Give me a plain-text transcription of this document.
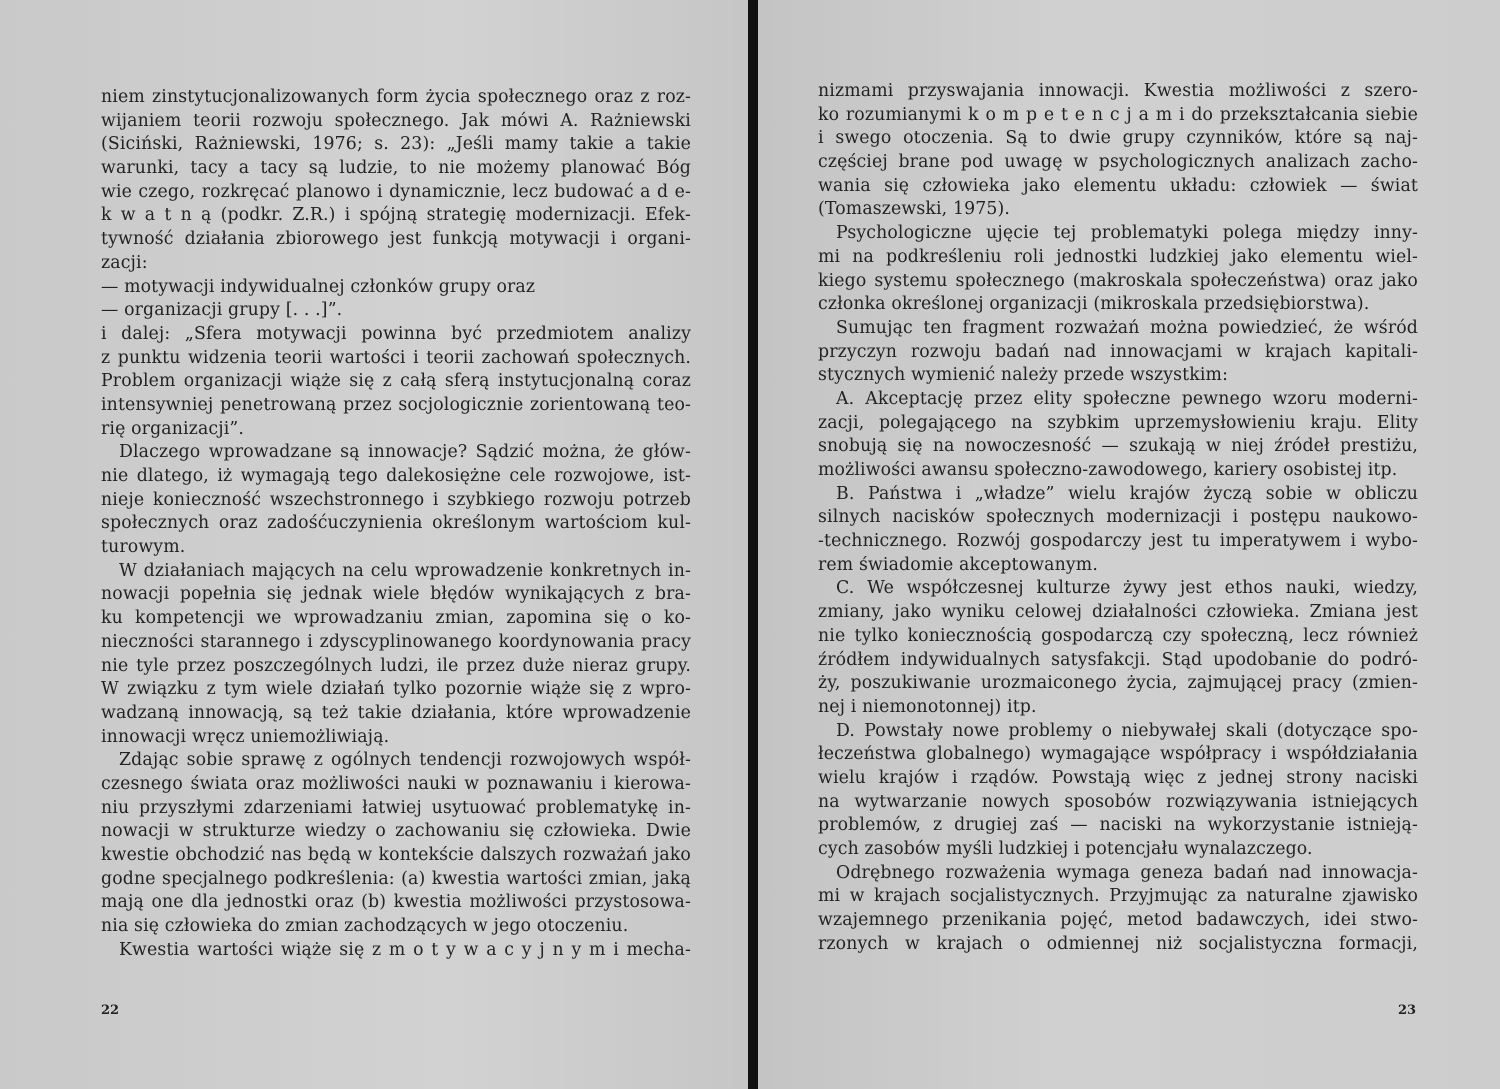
niem zinstytucjonalizowanych form życia społecznego oraz z roz-
wijaniem teorii rozwoju społecznego. Jak mówi A. Rażniewski
(Siciński, Rażniewski, 1976; s. 23): „Jeśli mamy takie a takie
warunki, tacy a tacy są ludzie, to nie możemy planować Bóg
wie czego, rozkręcać planowo i dynamicznie, lecz budować a d e-
k w a t n ą (podkr. Z.R.) i spójną strategię modernizacji. Efek-
tywność działania zbiorowego jest funkcją motywacji i organi-
zacji:
— motywacji indywidualnej członków grupy oraz
— organizacji grupy [. . .]”.
i dalej: „Sfera motywacji powinna być przedmiotem analizy
z punktu widzenia teorii wartości i teorii zachowań społecznych.
Problem organizacji wiąże się z całą sferą instytucjonalną coraz
intensywniej penetrowaną przez socjologicznie zorientowaną teo-
rię organizacji”.
Dlaczego wprowadzane są innowacje? Sądzić można, że głów-
nie dlatego, iż wymagają tego dalekosiężne cele rozwojowe, ist-
nieje konieczność wszechstronnego i szybkiego rozwoju potrzeb
społecznych oraz zadośćuczynienia określonym wartościom kul-
turowym.
W działaniach mających na celu wprowadzenie konkretnych in-
nowacji popełnia się jednak wiele błędów wynikających z bra-
ku kompetencji we wprowadzaniu zmian, zapomina się o ko-
nieczności starannego i zdyscyplinowanego koordynowania pracy
nie tyle przez poszczególnych ludzi, ile przez duże nieraz grupy.
W związku z tym wiele działań tylko pozornie wiąże się z wpro-
wadzaną innowacją, są też takie działania, które wprowadzenie
innowacji wręcz uniemożliwiają.
Zdając sobie sprawę z ogólnych tendencji rozwojowych współ-
czesnego świata oraz możliwości nauki w poznawaniu i kierowa-
niu przyszłymi zdarzeniami łatwiej usytuować problematykę in-
nowacji w strukturze wiedzy o zachowaniu się człowieka. Dwie
kwestie obchodzić nas będą w kontekście dalszych rozważań jako
godne specjalnego podkreślenia: (a) kwestia wartości zmian, jaką
mają one dla jednostki oraz (b) kwestia możliwości przystosowa-
nia się człowieka do zmian zachodzących w jego otoczeniu.
Kwestia wartości wiąże się z m o t y w a c y j n y m i mecha-
22
nizmami przyswajania innowacji. Kwestia możliwości z szero-
ko rozumianymi k o m p e t e n c j a m i do przekształcania siebie
i swego otoczenia. Są to dwie grupy czynników, które są naj-
częściej brane pod uwagę w psychologicznych analizach zacho-
wania się człowieka jako elementu układu: człowiek — świat
(Tomaszewski, 1975).
Psychologiczne ujęcie tej problematyki polega między inny-
mi na podkreśleniu roli jednostki ludzkiej jako elementu wiel-
kiego systemu społecznego (makroskala społeczeństwa) oraz jako
członka określonej organizacji (mikroskala przedsiębiorstwa).
Sumując ten fragment rozważań można powiedzieć, że wśród
przyczyn rozwoju badań nad innowacjami w krajach kapitali-
stycznych wymienić należy przede wszystkim:
A. Akceptację przez elity społeczne pewnego wzoru moderni-
zacji, polegającego na szybkim uprzemysłowieniu kraju. Elity
snobują się na nowoczesność — szukają w niej źródeł prestiżu,
możliwości awansu społeczno-zawodowego, kariery osobistej itp.
B. Państwa i „władze” wielu krajów życzą sobie w obliczu
silnych nacisków społecznych modernizacji i postępu naukowo-
-technicznego. Rozwój gospodarczy jest tu imperatywem i wybo-
rem świadomie akceptowanym.
C. We współczesnej kulturze żywy jest ethos nauki, wiedzy,
zmiany, jako wyniku celowej działalności człowieka. Zmiana jest
nie tylko koniecznością gospodarczą czy społeczną, lecz również
źródłem indywidualnych satysfakcji. Stąd upodobanie do podró-
ży, poszukiwanie urozmaiconego życia, zajmującej pracy (zmien-
nej i niemonotonnej) itp.
D. Powstały nowe problemy o niebywałej skali (dotyczące spo-
łeczeństwa globalnego) wymagające współpracy i współdziałania
wielu krajów i rządów. Powstają więc z jednej strony naciski
na wytwarzanie nowych sposobów rozwiązywania istniejących
problemów, z drugiej zaś — naciski na wykorzystanie istnieją-
cych zasobów myśli ludzkiej i potencjału wynalazczego.
Odrębnego rozważenia wymaga geneza badań nad innowacja-
mi w krajach socjalistycznych. Przyjmując za naturalne zjawisko
wzajemnego przenikania pojęć, metod badawczych, idei stwo-
rzonych w krajach o odmiennej niż socjalistyczna formacji,
23
